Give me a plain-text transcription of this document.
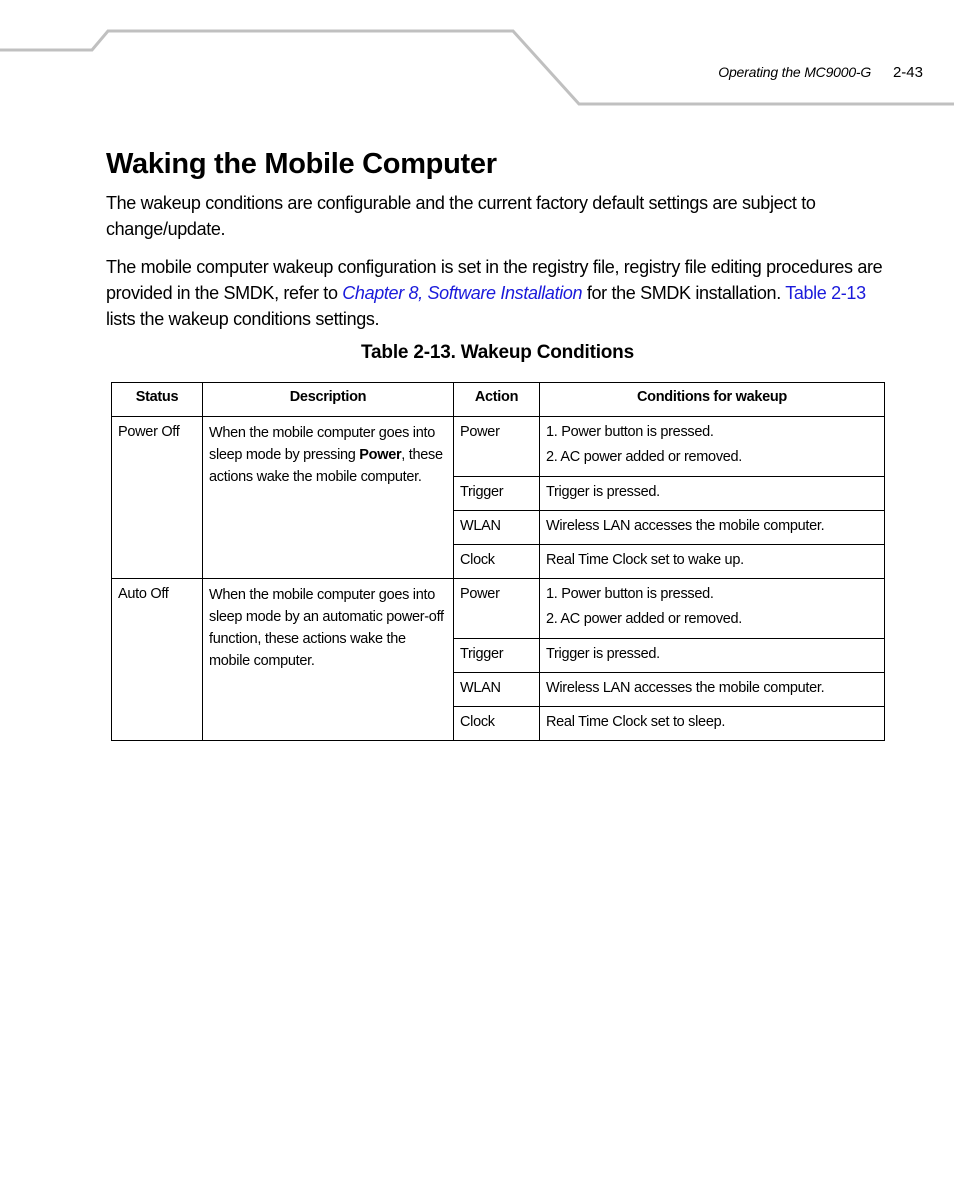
Operating the MC9000-G 2-43
Waking the Mobile Computer

The wakeup conditions are configurable and the current factory default settings are subject to change/update.

The mobile computer wakeup configuration is set in the registry file, registry file editing procedures are provided in the SMDK, refer to Chapter 8, Software Installation for the SMDK installation. Table 2-13 lists the wakeup conditions settings.

Table 2-13. Wakeup Conditions
Status	Description	Action	Conditions for wakeup
Power Off	When the mobile computer goes into sleep mode by pressing Power, these actions wake the mobile computer.	Power	1. Power button is pressed.
2. AC power added or removed.

		Trigger	Trigger is pressed.
		WLAN	Wireless LAN accesses the mobile computer.
		Clock	Real Time Clock set to wake up.
Auto Off	When the mobile computer goes into sleep mode by an automatic power-off function, these actions wake the mobile computer.	Power	1. Power button is pressed.
2. AC power added or removed.

		Trigger	Trigger is pressed.
		WLAN	Wireless LAN accesses the mobile computer.
		Clock	Real Time Clock set to sleep.
